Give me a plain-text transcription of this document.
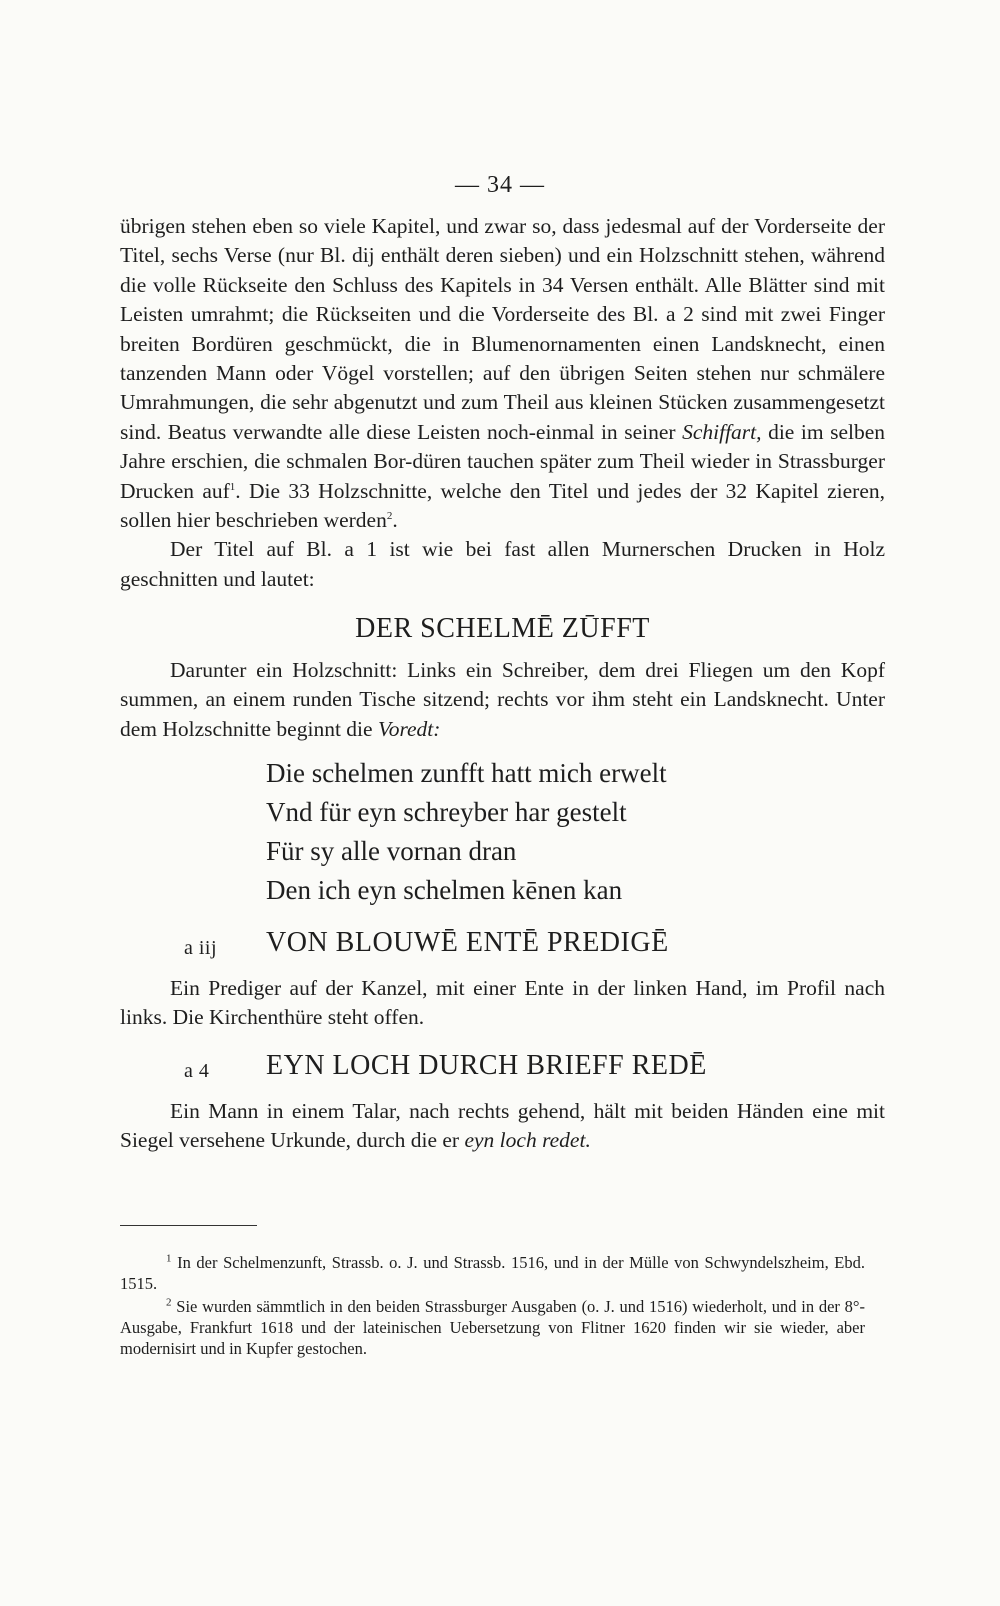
— 34 —

übrigen stehen eben so viele Kapitel, und zwar so, dass jedesmal auf der Vorderseite der Titel, sechs Verse (nur Bl. dij enthält deren sieben) und ein Holzschnitt stehen, während die volle Rückseite den Schluss des Kapitels in 34 Versen enthält. Alle Blätter sind mit Leisten umrahmt; die Rückseiten und die Vorderseite des Bl. a 2 sind mit zwei Finger breiten Bordüren geschmückt, die in Blumenornamenten einen Landsknecht, einen tanzenden Mann oder Vögel vorstellen; auf den übrigen Seiten stehen nur schmälere Umrahmungen, die sehr abgenutzt und zum Theil aus kleinen Stücken zusammengesetzt sind. Beatus verwandte alle diese Leisten noch-einmal in seiner Schiffart, die im selben Jahre erschien, die schmalen Bor-düren tauchen später zum Theil wieder in Strassburger Drucken auf$^1$. Die 33 Holzschnitte, welche den Titel und jedes der 32 Kapitel zieren, sollen hier beschrieben werden$^2$.

Der Titel auf Bl. a 1 ist wie bei fast allen Murnerschen Drucken in Holz geschnitten und lautet:

DER SCHELMĒ ZŪFFT

Darunter ein Holzschnitt: Links ein Schreiber, dem drei Fliegen um den Kopf summen, an einem runden Tische sitzend; rechts vor ihm steht ein Landsknecht. Unter dem Holzschnitte beginnt die Voredt:

Die schelmen zunfft hatt mich erwelt
Vnd für eyn schreyber har gestelt
Für sy alle vornan dran
Den ich eyn schelmen kēnen kan
a iij VON BLOUWĒ ENTĒ PREDIGĒ

Ein Prediger auf der Kanzel, mit einer Ente in der linken Hand, im Profil nach links. Die Kirchenthüre steht offen.

a 4 EYN LOCH DURCH BRIEFF REDĒ

Ein Mann in einem Talar, nach rechts gehend, hält mit beiden Händen eine mit Siegel versehene Urkunde, durch die er eyn loch redet.

$^1$ In der Schelmenzunft, Strassb. o. J. und Strassb. 1516, und in der Mülle von Schwyndelszheim, Ebd. 1515.

$^2$ Sie wurden sämmtlich in den beiden Strassburger Ausgaben (o. J. und 1516) wiederholt, und in der 8°-Ausgabe, Frankfurt 1618 und der lateinischen Uebersetzung von Flitner 1620 finden wir sie wieder, aber modernisirt und in Kupfer gestochen.
